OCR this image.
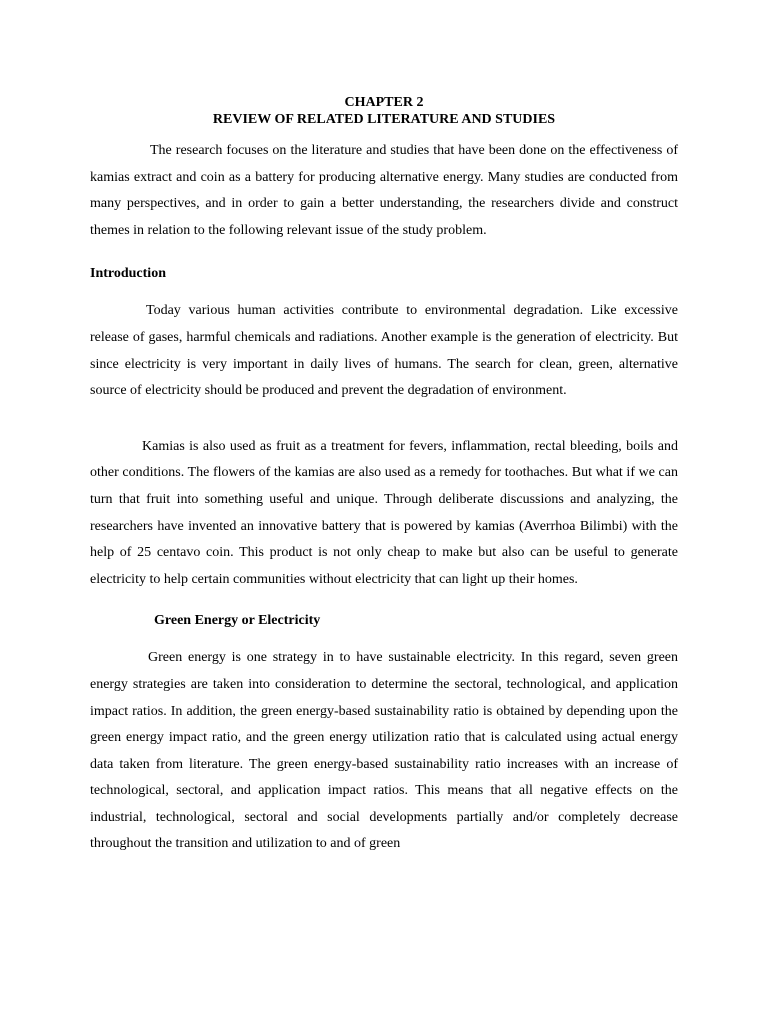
CHAPTER 2
REVIEW OF RELATED LITERATURE AND STUDIES

The research focuses on the literature and studies that have been done on the effectiveness of kamias extract and coin as a battery for producing alternative energy. Many studies are conducted from many perspectives, and in order to gain a better understanding, the researchers divide and construct themes in relation to the following relevant issue of the study problem.

Introduction

Today various human activities contribute to environmental degradation. Like excessive release of gases, harmful chemicals and radiations. Another example is the generation of electricity. But since electricity is very important in daily lives of humans. The search for clean, green, alternative source of electricity should be produced and prevent the degradation of environment.

Kamias is also used as fruit as a treatment for fevers, inflammation, rectal bleeding, boils and other conditions. The flowers of the kamias are also used as a remedy for toothaches. But what if we can turn that fruit into something useful and unique. Through deliberate discussions and analyzing, the researchers have invented an innovative battery that is powered by kamias (Averrhoa Bilimbi) with the help of 25 centavo coin. This product is not only cheap to make but also can be useful to generate electricity to help certain communities without electricity that can light up their homes.

Green Energy or Electricity

Green energy is one strategy in to have sustainable electricity. In this regard, seven green energy strategies are taken into consideration to determine the sectoral, technological, and application impact ratios. In addition, the green energy-based sustainability ratio is obtained by depending upon the green energy impact ratio, and the green energy utilization ratio that is calculated using actual energy data taken from literature. The green energy-based sustainability ratio increases with an increase of technological, sectoral, and application impact ratios. This means that all negative effects on the industrial, technological, sectoral and social developments partially and/or completely decrease throughout the transition and utilization to and of green
